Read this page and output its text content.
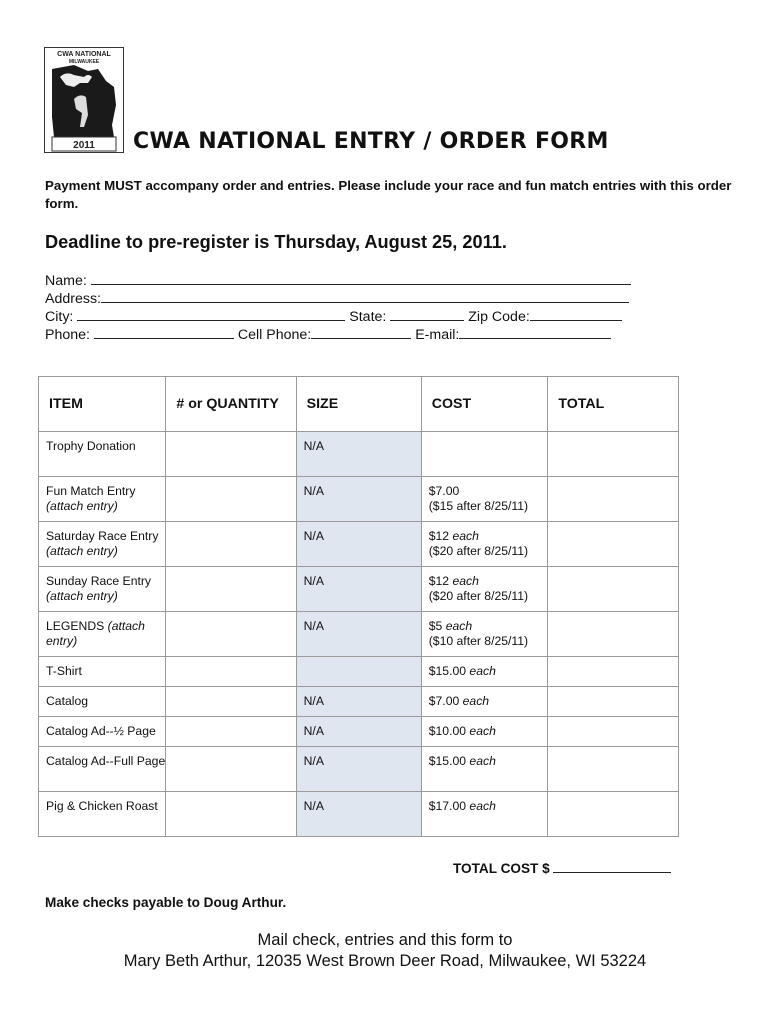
CWA NATIONAL
MILWAUKEE
2011 CWA NATIONAL ENTRY / ORDER FORM
Payment MUST accompany order and entries. Please include your race and fun match entries with this order form.
Deadline to pre-register is Thursday, August 25, 2011.
Name:
Address:
City:	State:	Zip Code:
Phone:	Cell Phone:	E-mail:
ITEM	# or QUANTITY	SIZE	COST	TOTAL

Trophy Donation		N/A		

Fun Match Entry (attach entry)		N/A	$7.00
($15 after 8/25/11)	

Saturday Race Entry (attach entry)		N/A	$12 each
($20 after 8/25/11)	

Sunday Race Entry (attach entry)		N/A	$12 each
($20 after 8/25/11)	

LEGENDS (attach entry)		N/A	$5 each
($10 after 8/25/11)	

T-Shirt			$15.00 each	

Catalog		N/A	$7.00 each	

Catalog Ad--½ Page		N/A	$10.00 each	

Catalog Ad--Full Page		N/A	$15.00 each	

Pig & Chicken Roast		N/A	$17.00 each	

TOTAL COST $
Make checks payable to Doug Arthur.
Mail check, entries and this form to
Mary Beth Arthur, 12035 West Brown Deer Road, Milwaukee, WI 53224
